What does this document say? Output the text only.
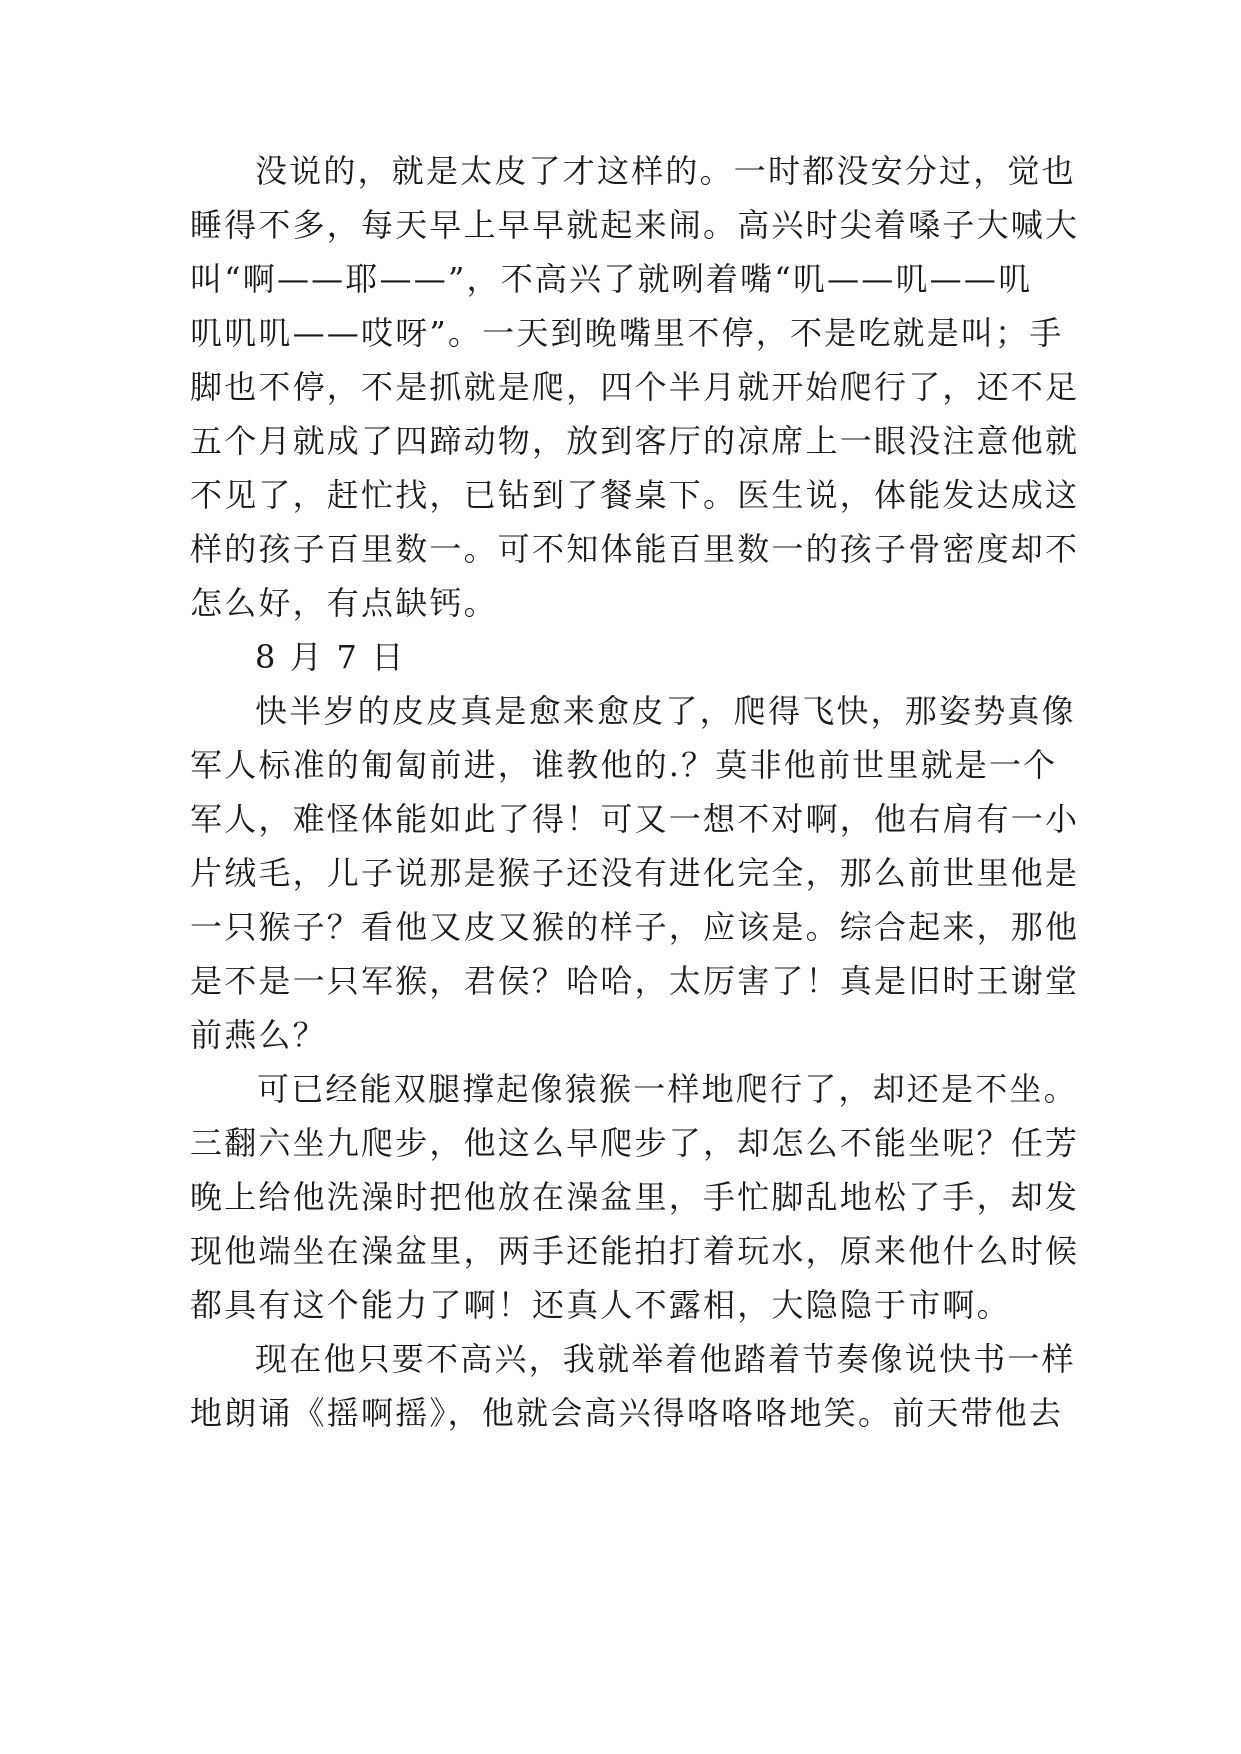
没说的，就是太皮了才这样的。一时都没安分过，觉也
睡得不多，每天早上早早就起来闹。高兴时尖着嗓子大喊大
叫“啊——耶——”，不高兴了就咧着嘴“叽——叽——叽
叽叽叽——哎呀”。一天到晚嘴里不停，不是吃就是叫；手
脚也不停，不是抓就是爬，四个半月就开始爬行了，还不足
五个月就成了四蹄动物，放到客厅的凉席上一眼没注意他就
不见了，赶忙找，已钻到了餐桌下。医生说，体能发达成这
样的孩子百里数一。可不知体能百里数一的孩子骨密度却不
怎么好，有点缺钙。
8 月 7 日
快半岁的皮皮真是愈来愈皮了，爬得飞快，那姿势真像
军人标准的匍匐前进，谁教他的.？莫非他前世里就是一个
军人，难怪体能如此了得！可又一想不对啊，他右肩有一小
片绒毛，儿子说那是猴子还没有进化完全，那么前世里他是
一只猴子？看他又皮又猴的样子，应该是。综合起来，那他
是不是一只军猴，君侯？哈哈，太厉害了！真是旧时王谢堂
前燕么？
可已经能双腿撑起像猿猴一样地爬行了，却还是不坐。
三翻六坐九爬步，他这么早爬步了，却怎么不能坐呢？任芳
晚上给他洗澡时把他放在澡盆里，手忙脚乱地松了手，却发
现他端坐在澡盆里，两手还能拍打着玩水，原来他什么时候
都具有这个能力了啊！还真人不露相，大隐隐于市啊。
现在他只要不高兴，我就举着他踏着节奏像说快书一样
地朗诵《摇啊摇》，他就会高兴得咯咯咯地笑。前天带他去
